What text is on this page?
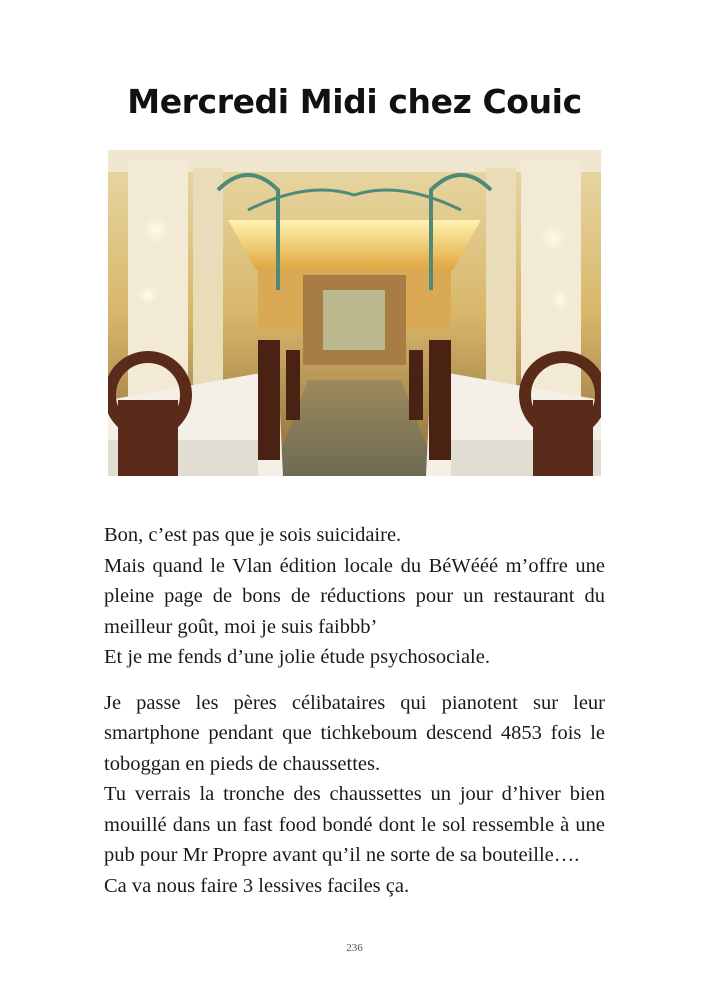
Mercredi Midi chez Couic

Bon, c’est pas que je sois suicidaire.
Mais quand le Vlan édition locale du BéWééé m’offre une pleine page de bons de réductions pour un restaurant du meilleur goût, moi je suis faibbb’
Et je me fends d’une jolie étude psychosociale.

Je passe les pères célibataires qui pianotent sur leur smartphone pendant que tichkeboum descend 4853 fois le toboggan en pieds de chaussettes.
Tu verrais la tronche des chaussettes un jour d’hiver bien mouillé dans un fast food bondé dont le sol ressemble à une pub pour Mr Propre avant qu’il ne sorte de sa bouteille….
Ca va nous faire 3 lessives faciles ça.

236
